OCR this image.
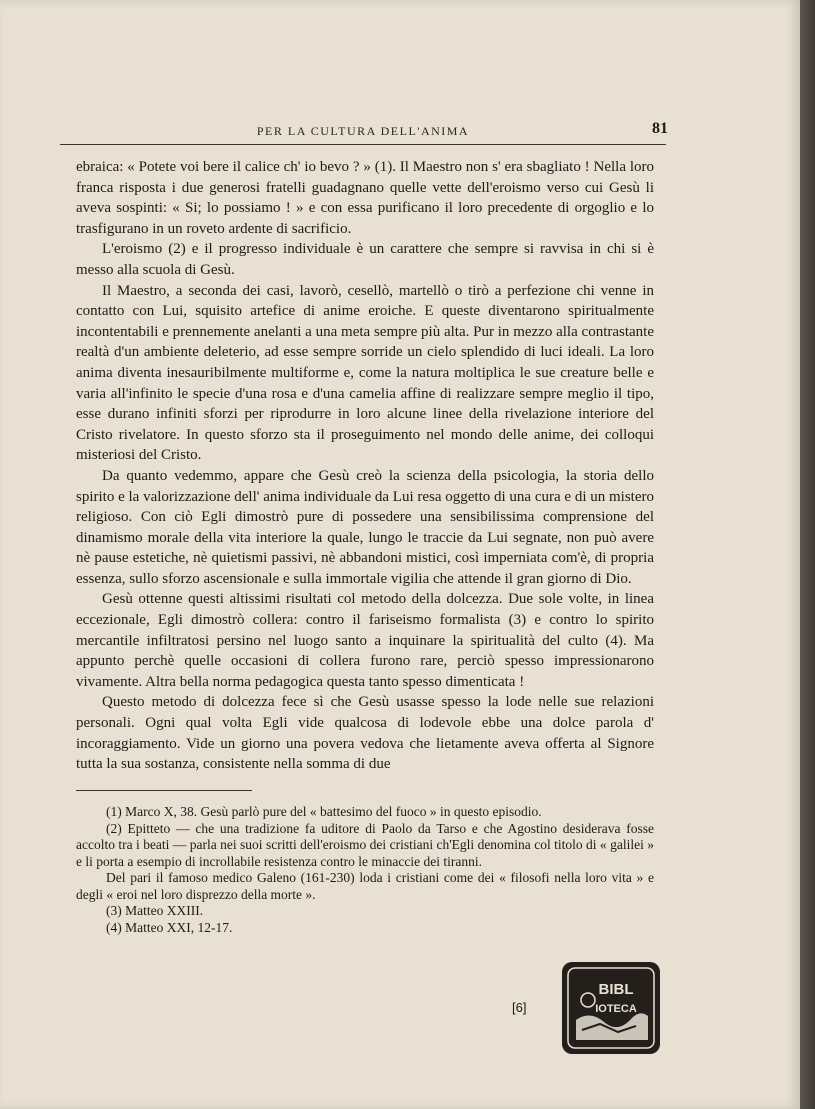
PER LA CULTURA DELL'ANIMA	81

ebraica: « Potete voi bere il calice ch' io bevo ? » (1). Il Maestro non s' era sbagliato ! Nella loro franca risposta i due generosi fratelli guadagnano quelle vette dell'eroismo verso cui Gesù li aveva sospinti: « Si; lo possiamo ! » e con essa purificano il loro precedente di orgoglio e lo trasfigurano in un roveto ardente di sacrificio.

L'eroismo (2) e il progresso individuale è un carattere che sempre si ravvisa in chi si è messo alla scuola di Gesù.

Il Maestro, a seconda dei casi, lavorò, cesellò, martellò o tirò a perfezione chi venne in contatto con Lui, squisito artefice di anime eroiche. E queste diventarono spiritualmente incontentabili e prennemente anelanti a una meta sempre più alta. Pur in mezzo alla contrastante realtà d'un ambiente deleterio, ad esse sempre sorride un cielo splendido di luci ideali. La loro anima diventa inesauribilmente multiforme e, come la natura moltiplica le sue creature belle e varia all'infinito le specie d'una rosa e d'una camelia affine di realizzare sempre meglio il tipo, esse durano infiniti sforzi per riprodurre in loro alcune linee della rivelazione interiore del Cristo rivelatore. In questo sforzo sta il proseguimento nel mondo delle anime, dei colloqui misteriosi del Cristo.

Da quanto vedemmo, appare che Gesù creò la scienza della psicologia, la storia dello spirito e la valorizzazione dell' anima individuale da Lui resa oggetto di una cura e di un mistero religioso. Con ciò Egli dimostrò pure di possedere una sensibilissima comprensione del dinamismo morale della vita interiore la quale, lungo le traccie da Lui segnate, non può avere nè pause estetiche, nè quietismi passivi, nè abbandoni mistici, così imperniata com'è, di propria essenza, sullo sforzo ascensionale e sulla immortale vigilia che attende il gran giorno di Dio.

Gesù ottenne questi altissimi risultati col metodo della dolcezza. Due sole volte, in linea eccezionale, Egli dimostrò collera: contro il fariseismo formalista (3) e contro lo spirito mercantile infiltratosi persino nel luogo santo a inquinare la spiritualità del culto (4). Ma appunto perchè quelle occasioni di collera furono rare, perciò spesso impressionarono vivamente. Altra bella norma pedagogica questa tanto spesso dimenticata !

Questo metodo di dolcezza fece sì che Gesù usasse spesso la lode nelle sue relazioni personali. Ogni qual volta Egli vide qualcosa di lodevole ebbe una dolce parola d' incoraggiamento. Vide un giorno una povera vedova che lietamente aveva offerta al Signore tutta la sua sostanza, consistente nella somma di due

(1) Marco X, 38. Gesù parlò pure del « battesimo del fuoco » in questo episodio.

(2) Epitteto — che una tradizione fa uditore di Paolo da Tarso e che Agostino desiderava fosse accolto tra i beati — parla nei suoi scritti dell'eroismo dei cristiani ch'Egli denomina col titolo di « galilei » e li porta a esempio di incrollabile resistenza contro le minaccie dei tiranni.

Del pari il famoso medico Galeno (161-230) loda i cristiani come dei « filosofi nella loro vita » e degli « eroi nel loro disprezzo della morte ».

(3) Matteo XXIII.

(4) Matteo XXI, 12-17.

[6]
BIBL
IOTECA
